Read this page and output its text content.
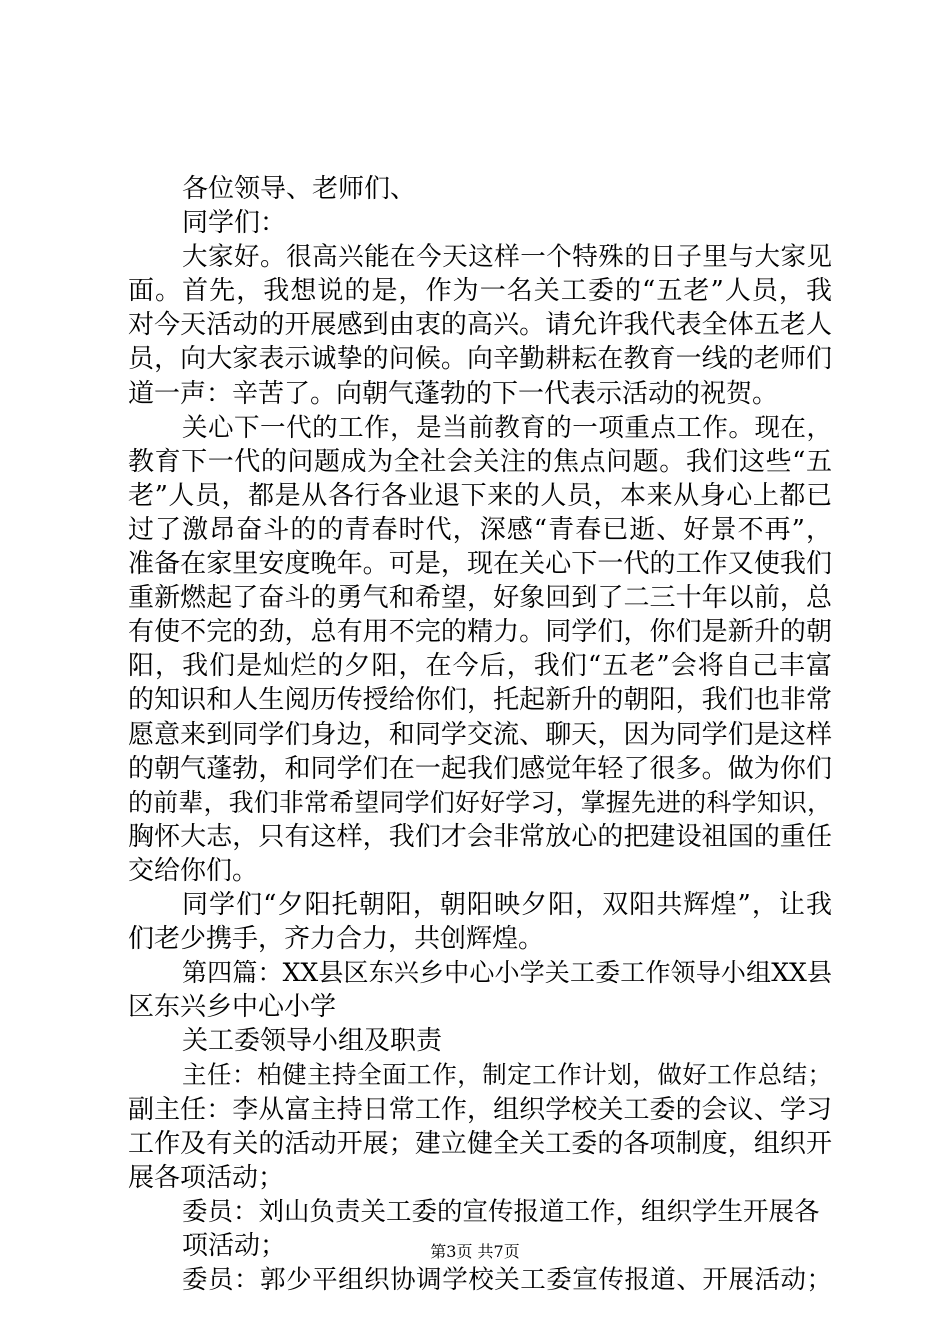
各位领导、老师们、
同学们：
大家好。很高兴能在今天这样一个特殊的日子里与大家见
面。首先，我想说的是，作为一名关工委的“五老”人员，我
对今天活动的开展感到由衷的高兴。请允许我代表全体五老人
员，向大家表示诚挚的问候。向辛勤耕耘在教育一线的老师们
道一声：辛苦了。向朝气蓬勃的下一代表示活动的祝贺。
关心下一代的工作，是当前教育的一项重点工作。现在，
教育下一代的问题成为全社会关注的焦点问题。我们这些“五
老”人员，都是从各行各业退下来的人员，本来从身心上都已
过了激昂奋斗的的青春时代，深感“青春已逝、好景不再”，
准备在家里安度晚年。可是，现在关心下一代的工作又使我们
重新燃起了奋斗的勇气和希望，好象回到了二三十年以前，总
有使不完的劲，总有用不完的精力。同学们，你们是新升的朝
阳，我们是灿烂的夕阳，在今后，我们“五老”会将自己丰富
的知识和人生阅历传授给你们，托起新升的朝阳，我们也非常
愿意来到同学们身边，和同学交流、聊天，因为同学们是这样
的朝气蓬勃，和同学们在一起我们感觉年轻了很多。做为你们
的前辈，我们非常希望同学们好好学习，掌握先进的科学知识，
胸怀大志，只有这样，我们才会非常放心的把建设祖国的重任
交给你们。
同学们“夕阳托朝阳，朝阳映夕阳，双阳共辉煌”，让我
们老少携手，齐力合力，共创辉煌。
第四篇：XX县区东兴乡中心小学关工委工作领导小组XX县
区东兴乡中心小学
关工委领导小组及职责
主任：柏健主持全面工作，制定工作计划，做好工作总结；
副主任：李从富主持日常工作，组织学校关工委的会议、学习
工作及有关的活动开展；建立健全关工委的各项制度，组织开
展各项活动；
委员：刘山负责关工委的宣传报道工作，组织学生开展各
项活动；
委员：郭少平组织协调学校关工委宣传报道、开展活动；
第3页 共7页
